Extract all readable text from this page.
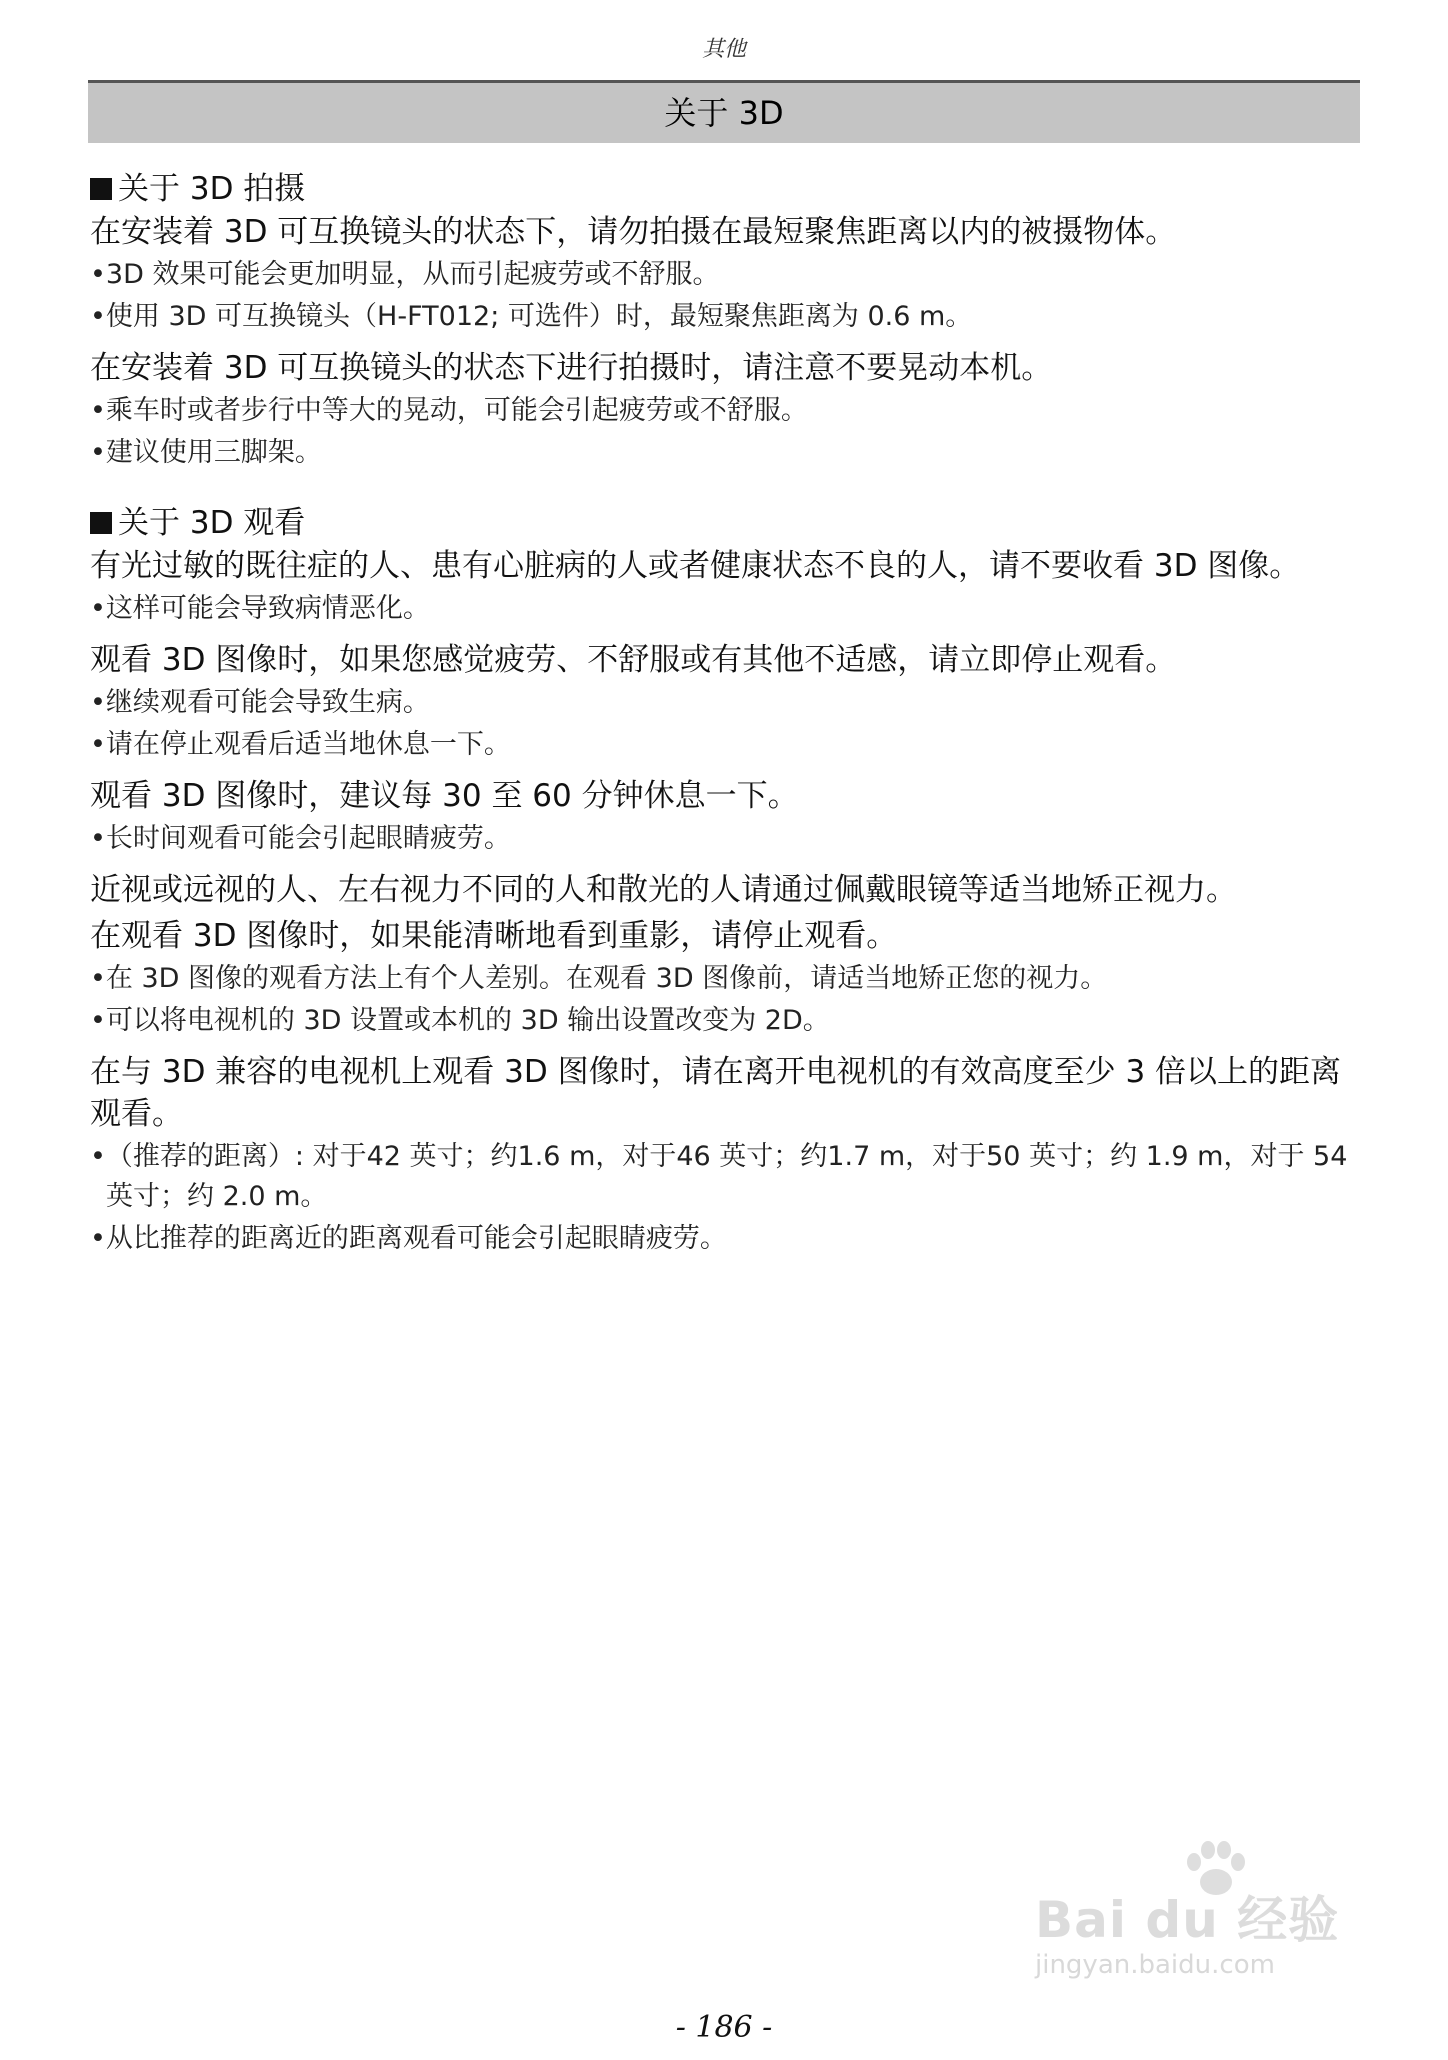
其他
关于 3D
关于 3D 拍摄
在安装着 3D 可互换镜头的状态下，请勿拍摄在最短聚焦距离以内的被摄物体。
•3D 效果可能会更加明显，从而引起疲劳或不舒服。
•使用 3D 可互换镜头（H-FT012; 可选件）时，最短聚焦距离为 0.6 m。
在安装着 3D 可互换镜头的状态下进行拍摄时，请注意不要晃动本机。
•乘车时或者步行中等大的晃动，可能会引起疲劳或不舒服。
•建议使用三脚架。
关于 3D 观看
有光过敏的既往症的人、患有心脏病的人或者健康状态不良的人，请不要收看 3D 图像。
•这样可能会导致病情恶化。
观看 3D 图像时，如果您感觉疲劳、不舒服或有其他不适感，请立即停止观看。
•继续观看可能会导致生病。
•请在停止观看后适当地休息一下。
观看 3D 图像时，建议每 30 至 60 分钟休息一下。
•长时间观看可能会引起眼睛疲劳。
近视或远视的人、左右视力不同的人和散光的人请通过佩戴眼镜等适当地矫正视力。
在观看 3D 图像时，如果能清晰地看到重影，请停止观看。
•在 3D 图像的观看方法上有个人差别。在观看 3D 图像前，请适当地矫正您的视力。
•可以将电视机的 3D 设置或本机的 3D 输出设置改变为 2D。
在与 3D 兼容的电视机上观看 3D 图像时，请在离开电视机的有效高度至少 3 倍以上的距离观看。
•（推荐的距离）: 对于42 英寸；约1.6 m，对于46 英寸；约1.7 m，对于50 英寸；约 1.9 m，对于 54 英寸；约 2.0 m。
•从比推荐的距离近的距离观看可能会引起眼睛疲劳。
Bai du 经验
jingyan.baidu.com
- 186 -
